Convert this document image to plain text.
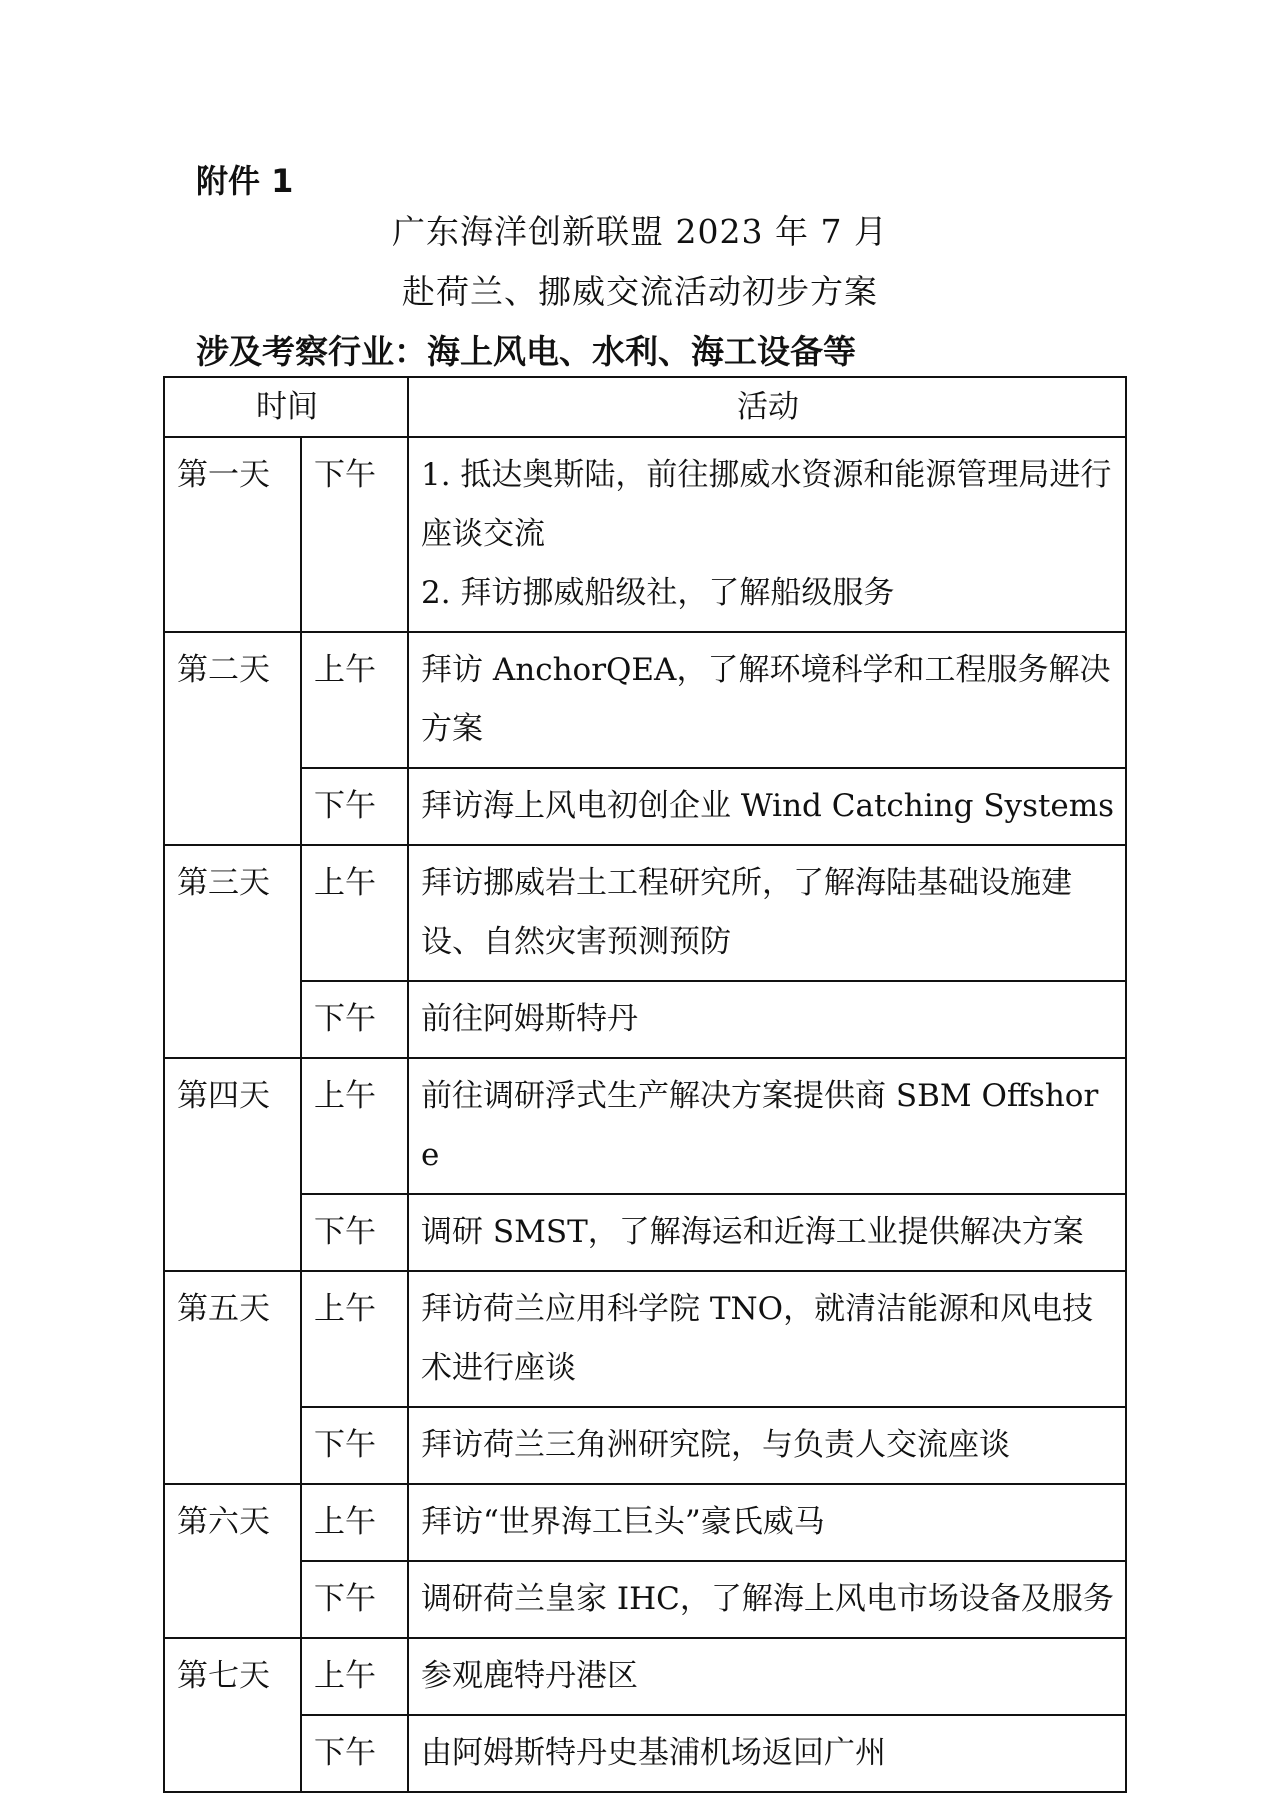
附件 1
广东海洋创新联盟 2023 年 7 月
赴荷兰、挪威交流活动初步方案
涉及考察行业：海上风电、水利、海工设备等
时间		活动
第一天	下午	1. 抵达奥斯陆，前往挪威水资源和能源管理局进行座谈交流
2. 拜访挪威船级社，了解船级服务

第二天	上午	拜访 AnchorQEA，了解环境科学和工程服务解决方案

	下午	拜访海上风电初创企业 Wind Catching Systems

第三天	上午	拜访挪威岩土工程研究所，了解海陆基础设施建设、自然灾害预测预防

	下午	前往阿姆斯特丹

第四天	上午	前往调研浮式生产解决方案提供商 SBM Offshore

	下午	调研 SMST，了解海运和近海工业提供解决方案

第五天	上午	拜访荷兰应用科学院 TNO，就清洁能源和风电技术进行座谈

	下午	拜访荷兰三角洲研究院，与负责人交流座谈

第六天	上午	拜访“世界海工巨头”豪氏威马

	下午	调研荷兰皇家 IHC，了解海上风电市场设备及服务

第七天	上午	参观鹿特丹港区

	下午	由阿姆斯特丹史基浦机场返回广州
